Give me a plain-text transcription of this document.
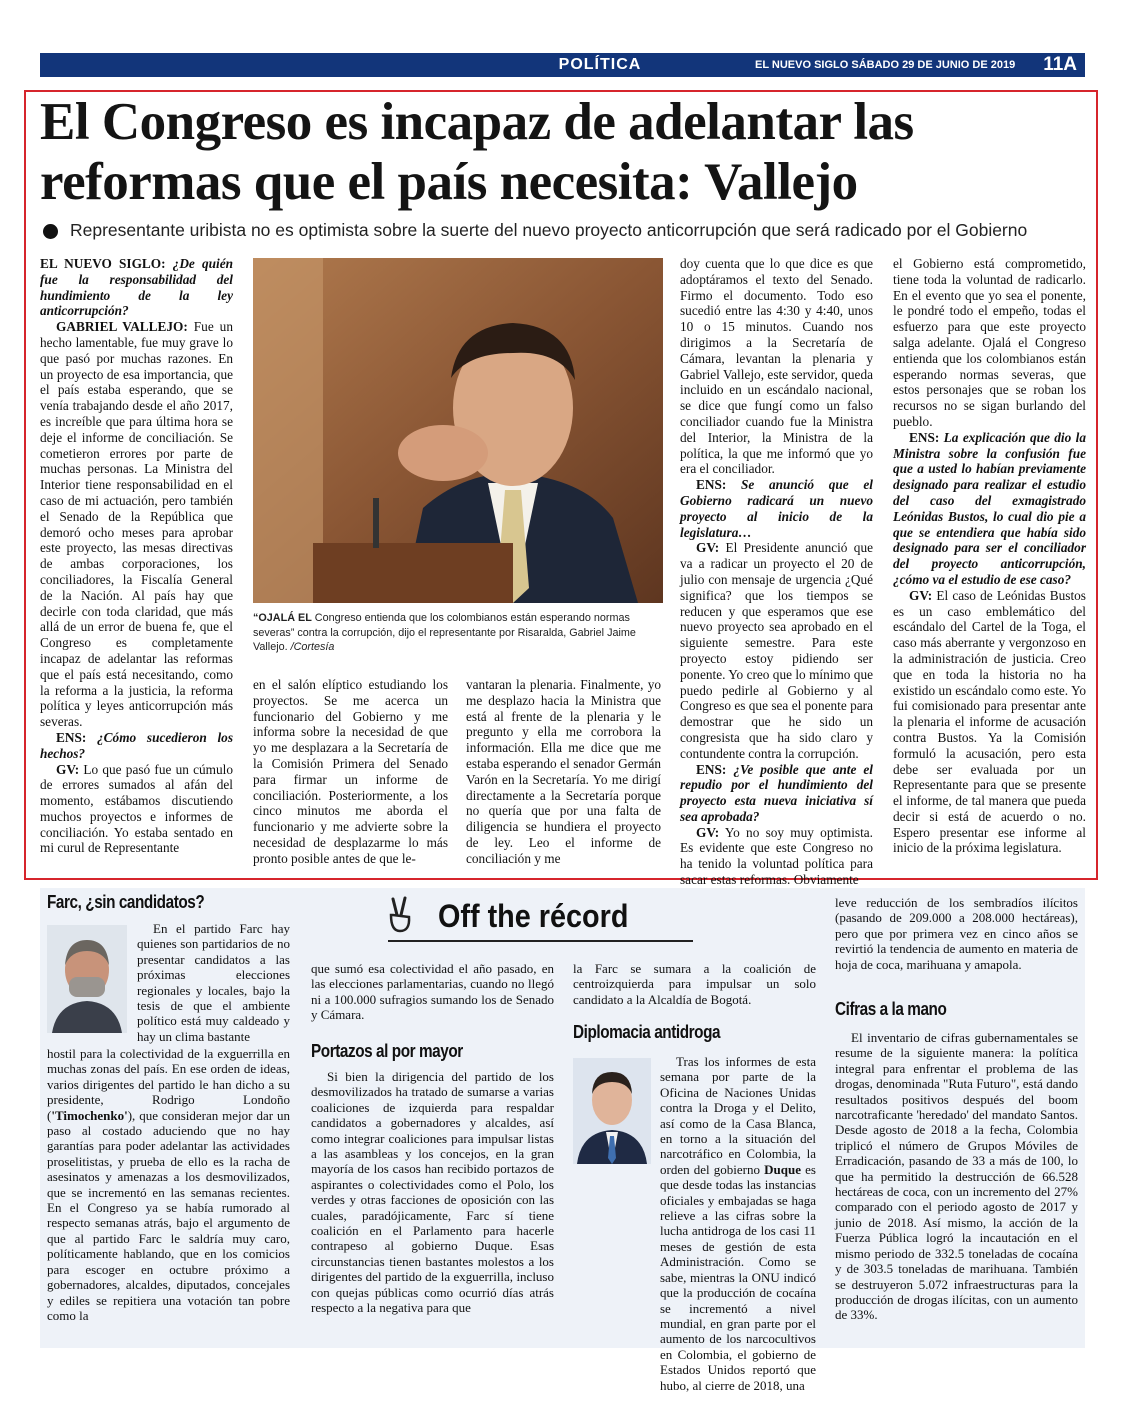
POLÍTICA	EL NUEVO SIGLO SÁBADO 29 DE JUNIO DE 2019 11A
El Congreso es incapaz de adelantar las
reformas que el país necesita: Vallejo
Representante uribista no es optimista sobre la suerte del nuevo proyecto anticorrupción que será radicado por el Gobierno

EL NUEVO SIGLO: ¿De quién fue la responsabilidad del hundimiento de la ley anticorrupción?

GABRIEL VALLEJO: Fue un hecho lamentable, fue muy grave lo que pasó por muchas razones. En un proyecto de esa importancia, que el país estaba esperando, que se venía trabajando desde el año 2017, es increíble que para última hora se deje el informe de conciliación. Se cometieron errores por parte de muchas personas. La Ministra del Interior tiene responsabilidad en el caso de mi actuación, pero también el Senado de la República que demoró ocho meses para aprobar este proyecto, las mesas directivas de ambas corporaciones, los conciliadores, la Fiscalía General de la Nación. Al país hay que decirle con toda claridad, que más allá de un error de buena fe, que el Congreso es completamente incapaz de adelantar las reformas que el país está necesitando, como la reforma a la justicia, la reforma política y leyes anticorrupción más severas.

ENS: ¿Cómo sucedieron los hechos?

GV: Lo que pasó fue un cúmulo de errores sumados al afán del momento, estábamos discutiendo muchos proyectos e informes de conciliación. Yo estaba sentado en mi curul de Representante

“OJALÁ EL Congreso entienda que los colombianos están esperando normas severas” contra la corrupción, dijo el representante por Risaralda, Gabriel Jaime Vallejo. /Cortesía

en el salón elíptico estudiando los proyectos. Se me acerca un funcionario del Gobierno y me informa sobre la necesidad de que yo me desplazara a la Secretaría de la Comisión Primera del Senado para firmar un informe de conciliación. Posteriormente, a los cinco minutos me aborda el funcionario y me advierte sobre la necesidad de desplazarme lo más pronto posible antes de que le-

vantaran la plenaria. Finalmente, yo me desplazo hacia la Ministra que está al frente de la plenaria y le pregunto y ella me corrobora la información. Ella me dice que me estaba esperando el senador Germán Varón en la Secretaría. Yo me dirigí directamente a la Secretaría porque no quería que por una falta de diligencia se hundiera el proyecto de ley. Leo el informe de conciliación y me

doy cuenta que lo que dice es que adoptáramos el texto del Senado. Firmo el documento. Todo eso sucedió entre las 4:30 y 4:40, unos 10 o 15 minutos. Cuando nos dirigimos a la Secretaría de Cámara, levantan la plenaria y Gabriel Vallejo, este servidor, queda incluido en un escándalo nacional, se dice que fungí como un falso conciliador cuando fue la Ministra del Interior, la Ministra de la política, la que me informó que yo era el conciliador.

ENS: Se anunció que el Gobierno radicará un nuevo proyecto al inicio de la legislatura…

GV: El Presidente anunció que va a radicar un proyecto el 20 de julio con mensaje de urgencia ¿Qué significa? que los tiempos se reducen y que esperamos que ese nuevo proyecto sea aprobado en el siguiente semestre. Para este proyecto estoy pidiendo ser ponente. Yo creo que lo mínimo que puedo pedirle al Gobierno y al Congreso es que sea el ponente para demostrar que he sido un congresista que ha sido claro y contundente contra la corrupción.

ENS: ¿Ve posible que ante el repudio por el hundimiento del proyecto esta nueva iniciativa sí sea aprobada?

GV: Yo no soy muy optimista. Es evidente que este Congreso no ha tenido la voluntad política para sacar estas reformas. Obviamente

el Gobierno está comprometido, tiene toda la voluntad de radicarlo. En el evento que yo sea el ponente, le pondré todo el empeño, todas el esfuerzo para que este proyecto salga adelante. Ojalá el Congreso entienda que los colombianos están esperando normas severas, que estos personajes que se roban los recursos no se sigan burlando del pueblo.

ENS: La explicación que dio la Ministra sobre la confusión fue que a usted lo habían previamente designado para realizar el estudio del caso del exmagistrado Leónidas Bustos, lo cual dio pie a que se entendiera que había sido designado para ser el conciliador del proyecto anticorrupción, ¿cómo va el estudio de ese caso?

GV: El caso de Leónidas Bustos es un caso emblemático del escándalo del Cartel de la Toga, el caso más aberrante y vergonzoso en la administración de justicia. Creo que en toda la historia no ha existido un escándalo como este. Yo fui comisionado para presentar ante la plenaria el informe de acusación contra Bustos. Ya la Comisión formuló la acusación, pero esta debe ser evaluada por un Representante para que se presente el informe, de tal manera que pueda decir si está de acuerdo o no. Espero presentar ese informe al inicio de la próxima legislatura.

Off the récord
Farc, ¿sin candidatos?

En el partido Farc hay quienes son partidarios de no presentar candidatos a las próximas elecciones regionales y locales, bajo la tesis de que el ambiente político está muy caldeado y hay un clima bastante

hostil para la colectividad de la exguerrilla en muchas zonas del país. En ese orden de ideas, varios dirigentes del partido le han dicho a su presidente, Rodrigo Londoño ('Timochenko'), que consideran mejor dar un paso al costado aduciendo que no hay garantías para poder adelantar las actividades proselitistas, y prueba de ello es la racha de asesinatos y amenazas a los desmovilizados, que se incrementó en las semanas recientes. En el Congreso ya se había rumorado al respecto semanas atrás, bajo el argumento de que al partido Farc le saldría muy caro, políticamente hablando, que en los comicios para escoger en octubre próximo a gobernadores, alcaldes, diputados, concejales y ediles se repitiera una votación tan pobre como la

que sumó esa colectividad el año pasado, en las elecciones parlamentarias, cuando no llegó ni a 100.000 sufragios sumando los de Senado y Cámara.

Portazos al por mayor

Si bien la dirigencia del partido de los desmovilizados ha tratado de sumarse a varias coaliciones de izquierda para respaldar candidatos a gobernadores y alcaldes, así como integrar coaliciones para impulsar listas a las asambleas y los concejos, en la gran mayoría de los casos han recibido portazos de aspirantes o colectividades como el Polo, los verdes y otras facciones de oposición con las cuales, paradójicamente, Farc sí tiene coalición en el Parlamento para hacerle contrapeso al gobierno Duque. Esas circunstancias tienen bastantes molestos a los dirigentes del partido de la exguerrilla, incluso con quejas públicas como ocurrió días atrás respecto a la negativa para que

la Farc se sumara a la coalición de centroizquierda para impulsar un solo candidato a la Alcaldía de Bogotá.

Diplomacia antidroga

Tras los informes de esta semana por parte de la Oficina de Naciones Unidas contra la Droga y el Delito, así como de la Casa Blanca, en torno a la situación del narcotráfico en Colombia, la orden del gobierno Duque es que desde todas las instancias oficiales y embajadas se haga relieve a las cifras sobre la lucha antidroga de los casi 11 meses de gestión de esta Administración. Como se sabe, mientras la ONU indicó que la producción de cocaína se incrementó a nivel mundial, en gran parte por el aumento de los narcocultivos en Colombia, el gobierno de Estados Unidos reportó que hubo, al cierre de 2018, una

leve reducción de los sembradíos ilícitos (pasando de 209.000 a 208.000 hectáreas), pero que por primera vez en cinco años se revirtió la tendencia de aumento en materia de hoja de coca, marihuana y amapola.

Cifras a la mano

El inventario de cifras gubernamentales se resume de la siguiente manera: la política integral para enfrentar el problema de las drogas, denominada "Ruta Futuro", está dando resultados positivos después del boom narcotraficante 'heredado' del mandato Santos. Desde agosto de 2018 a la fecha, Colombia triplicó el número de Grupos Móviles de Erradicación, pasando de 33 a más de 100, lo que ha permitido la destrucción de 66.528 hectáreas de coca, con un incremento del 27% comparado con el periodo agosto de 2017 y junio de 2018. Así mismo, la acción de la Fuerza Pública logró la incautación en el mismo periodo de 332.5 toneladas de cocaína y de 303.5 toneladas de marihuana. También se destruyeron 5.072 infraestructuras para la producción de drogas ilícitas, con un aumento de 33%.
